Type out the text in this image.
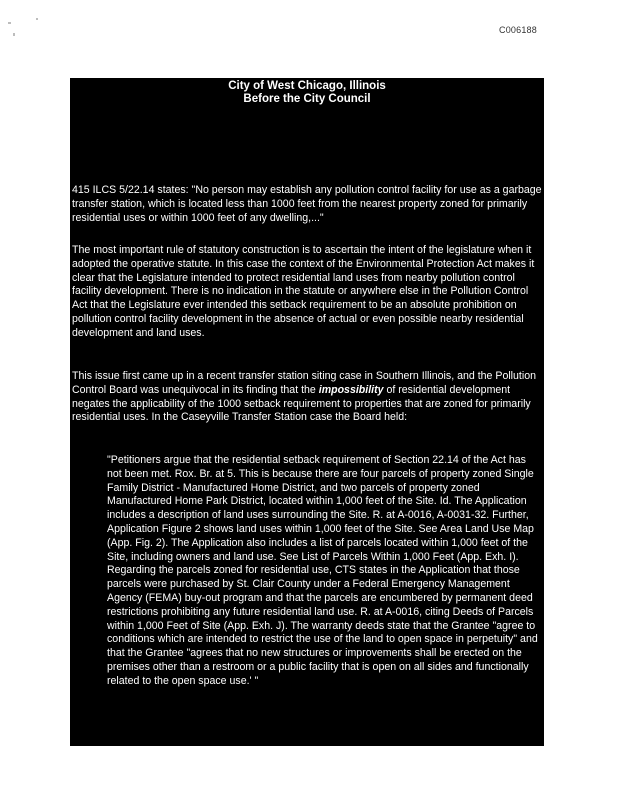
C006188
City of West Chicago, Illinois
Before the City Council

415 ILCS 5/22.14 states: "No person may establish any pollution control facility for use as a garbage transfer station, which is located less than 1000 feet from the nearest property zoned for primarily residential uses or within 1000 feet of any dwelling,..."

The most important rule of statutory construction is to ascertain the intent of the legislature when it adopted the operative statute. In this case the context of the Environmental Protection Act makes it clear that the Legislature intended to protect residential land uses from nearby pollution control facility development. There is no indication in the statute or anywhere else in the Pollution Control Act that the Legislature ever intended this setback requirement to be an absolute prohibition on pollution control facility development in the absence of actual or even possible nearby residential development and land uses.

This issue first came up in a recent transfer station siting case in Southern Illinois, and the Pollution Control Board was unequivocal in its finding that the impossibility of residential development negates the applicability of the 1000 setback requirement to properties that are zoned for primarily residential uses. In the Caseyville Transfer Station case the Board held:

"Petitioners argue that the residential setback requirement of Section 22.14 of the Act has not been met. Rox. Br. at 5. This is because there are four parcels of property zoned Single Family District - Manufactured Home District, and two parcels of property zoned Manufactured Home Park District, located within 1,000 feet of the Site. Id. The Application includes a description of land uses surrounding the Site. R. at A-0016, A-0031-32. Further, Application Figure 2 shows land uses within 1,000 feet of the Site. See Area Land Use Map (App. Fig. 2). The Application also includes a list of parcels located within 1,000 feet of the Site, including owners and land use. See List of Parcels Within 1,000 Feet (App. Exh. I). Regarding the parcels zoned for residential use, CTS states in the Application that those parcels were purchased by St. Clair County under a Federal Emergency Management Agency (FEMA) buy-out program and that the parcels are encumbered by permanent deed restrictions prohibiting any future residential land use. R. at A-0016, citing Deeds of Parcels within 1,000 Feet of Site (App. Exh. J). The warranty deeds state that the Grantee "agree to conditions which are intended to restrict the use of the land to open space in perpetuity" and that the Grantee "agrees that no new structures or improvements shall be erected on the premises other than a restroom or a public facility that is open on all sides and functionally related to the open space use.' "
